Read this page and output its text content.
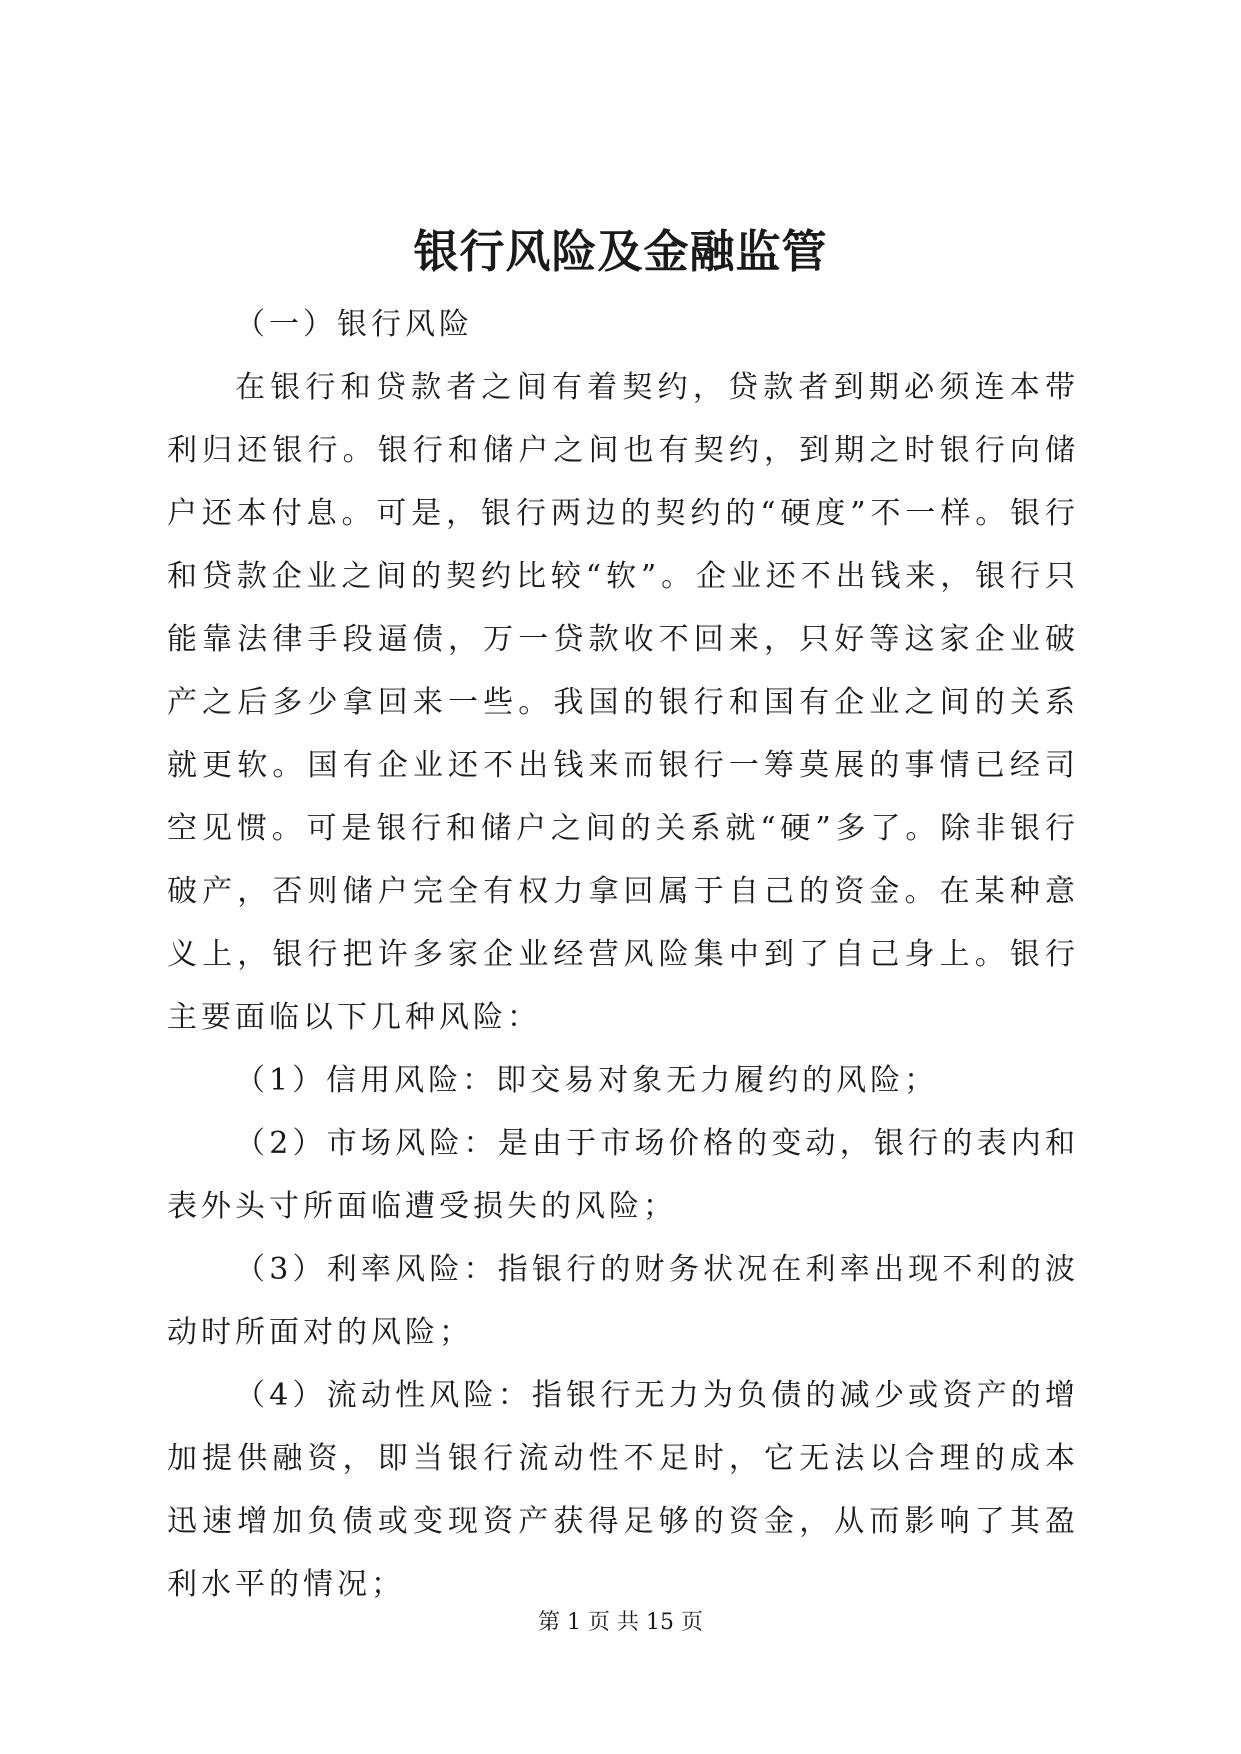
银行风险及金融监管

（一）银行风险

在银行和贷款者之间有着契约，贷款者到期必须连本带利归还银行。银行和储户之间也有契约，到期之时银行向储户还本付息。可是，银行两边的契约的“硬度”不一样。银行和贷款企业之间的契约比较“软”。企业还不出钱来，银行只能靠法律手段逼债，万一贷款收不回来，只好等这家企业破产之后多少拿回来一些。我国的银行和国有企业之间的关系就更软。国有企业还不出钱来而银行一筹莫展的事情已经司空见惯。可是银行和储户之间的关系就“硬”多了。除非银行破产，否则储户完全有权力拿回属于自己的资金。在某种意义上，银行把许多家企业经营风险集中到了自己身上。银行主要面临以下几种风险：

（1）信用风险：即交易对象无力履约的风险；

（2）市场风险：是由于市场价格的变动，银行的表内和表外头寸所面临遭受损失的风险；

（3）利率风险：指银行的财务状况在利率出现不利的波动时所面对的风险；

（4）流动性风险：指银行无力为负债的减少或资产的增加提供融资，即当银行流动性不足时，它无法以合理的成本迅速增加负债或变现资产获得足够的资金，从而影响了其盈利水平的情况；

第 1 页 共 15 页
